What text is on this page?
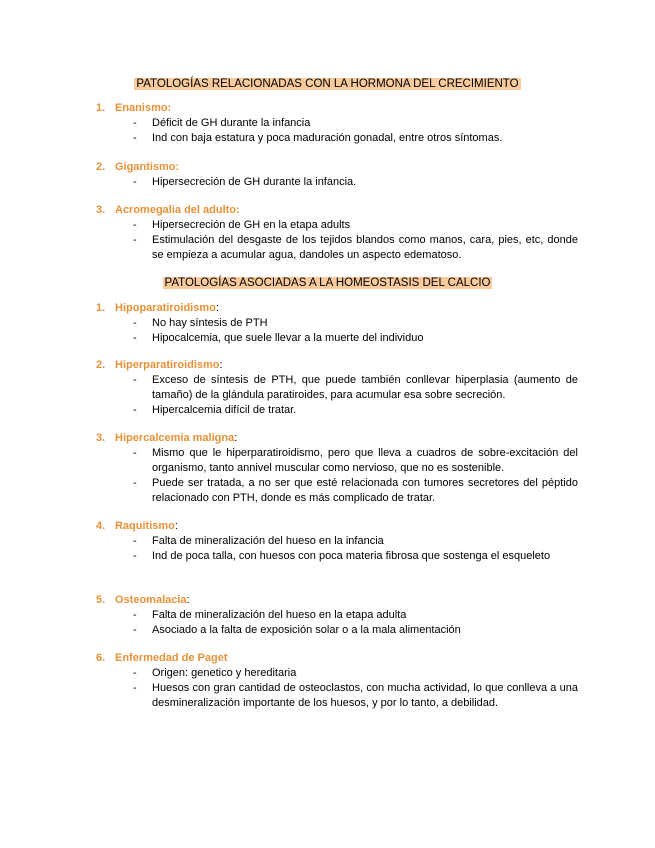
PATOLOGÍAS RELACIONADAS CON LA HORMONA DEL CRECIMIENTO
1. Enanismo:
- Déficit de GH durante la infancia
- Ind con baja estatura y poca maduración gonadal, entre otros síntomas.
2. Gigantismo:
- Hipersecreción de GH durante la infancia.
3. Acromegalia del adulto:
- Hipersecreción de GH en la etapa adults
- Estimulación del desgaste de los tejidos blandos como manos, cara, pies, etc, donde se empieza a acumular agua, dandoles un aspecto edematoso.
PATOLOGÍAS ASOCIADAS A LA HOMEOSTASIS DEL CALCIO
1. Hipoparatiroidismo:
- No hay síntesis de PTH
- Hipocalcemia, que suele llevar a la muerte del individuo
2. Hiperparatiroidismo:
- Exceso de síntesis de PTH, que puede también conllevar hiperplasia (aumento de tamaño) de la glándula paratiroides, para acumular esa sobre secreción.
- Hipercalcemia difícil de tratar.
3. Hipercalcemia maligna:
- Mismo que le hiperparatiroidismo, pero que lleva a cuadros de sobre-excitación del organismo, tanto annivel muscular como nervioso, que no es sostenible.
- Puede ser tratada, a no ser que esté relacionada con tumores secretores del péptido relacionado con PTH, donde es más complicado de tratar.
4. Raquitismo:
- Falta de mineralización del hueso en la infancia
- Ind de poca talla, con huesos con poca materia fibrosa que sostenga el esqueleto
5. Osteomalacia:
- Falta de mineralización del hueso en la etapa adulta
- Asociado a la falta de exposición solar o a la mala alimentación
6. Enfermedad de Paget
- Origen: genetico y hereditaria
- Huesos con gran cantidad de osteoclastos, con mucha actividad, lo que conlleva a una desmineralización importante de los huesos, y por lo tanto, a debilidad.
